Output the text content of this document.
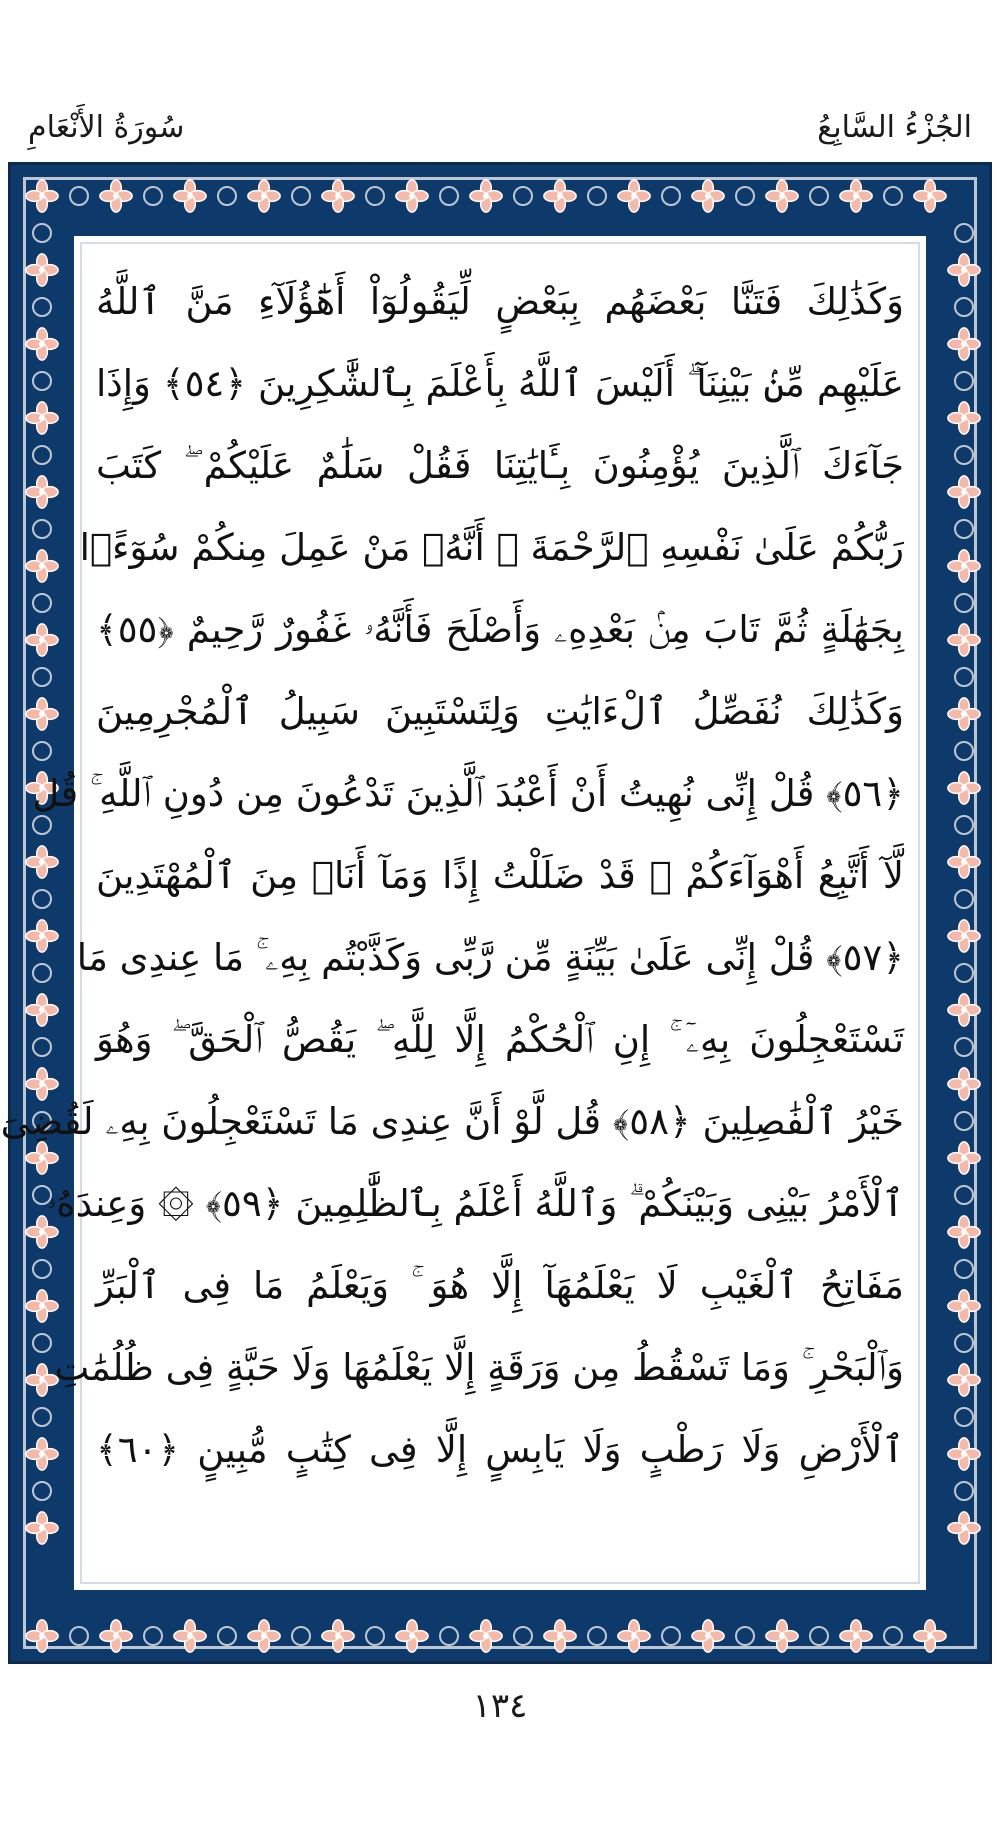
الجُزْءُ السَّابِعُ
سُورَةُ الأَنْعَامِ
وَكَذَٰلِكَ فَتَنَّا بَعْضَهُم بِبَعْضٍ لِّيَقُولُوٓاْ أَهَٰٓؤُلَآءِ مَنَّ ٱللَّهُ
عَلَيْهِم مِّنۢ بَيْنِنَآ ۗ أَلَيْسَ ٱللَّهُ بِأَعْلَمَ بِٱلشَّٰكِرِينَ ﴿٥٤﴾ وَإِذَا
جَآءَكَ ٱلَّذِينَ يُؤْمِنُونَ بِـَٔايَٰتِنَا فَقُلْ سَلَٰمٌ عَلَيْكُمْ ۖ كَتَبَ
رَبُّكُمْ عَلَىٰ نَفْسِهِ ٱلرَّحْمَةَ ۖ أَنَّهُۥ مَنْ عَمِلَ مِنكُمْ سُوٓءًۢا
بِجَهَٰلَةٍ ثُمَّ تَابَ مِنۢ بَعْدِهِۦ وَأَصْلَحَ فَأَنَّهُۥ غَفُورٌ رَّحِيمٌ ﴿٥٥﴾
وَكَذَٰلِكَ نُفَصِّلُ ٱلْءَايَٰتِ وَلِتَسْتَبِينَ سَبِيلُ ٱلْمُجْرِمِينَ
﴿٥٦﴾ قُلْ إِنِّى نُهِيتُ أَنْ أَعْبُدَ ٱلَّذِينَ تَدْعُونَ مِن دُونِ ٱللَّهِ ۚ قُل
لَّآ أَتَّبِعُ أَهْوَآءَكُمْ ۙ قَدْ ضَلَلْتُ إِذًا وَمَآ أَنَا۠ مِنَ ٱلْمُهْتَدِينَ
﴿٥٧﴾ قُلْ إِنِّى عَلَىٰ بَيِّنَةٍ مِّن رَّبِّى وَكَذَّبْتُم بِهِۦ ۚ مَا عِندِى مَا
تَسْتَعْجِلُونَ بِهِۦٓ ۚ إِنِ ٱلْحُكْمُ إِلَّا لِلَّهِ ۖ يَقُصُّ ٱلْحَقَّ ۖ وَهُوَ
خَيْرُ ٱلْفَٰصِلِينَ ﴿٥٨﴾ قُل لَّوْ أَنَّ عِندِى مَا تَسْتَعْجِلُونَ بِهِۦ لَقُضِىَ
ٱلْأَمْرُ بَيْنِى وَبَيْنَكُمْ ۗ وَٱللَّهُ أَعْلَمُ بِٱلظَّٰلِمِينَ ﴿٥٩﴾ ۞ وَعِندَهُۥ
مَفَاتِحُ ٱلْغَيْبِ لَا يَعْلَمُهَآ إِلَّا هُوَ ۚ وَيَعْلَمُ مَا فِى ٱلْبَرِّ
وَٱلْبَحْرِ ۚ وَمَا تَسْقُطُ مِن وَرَقَةٍ إِلَّا يَعْلَمُهَا وَلَا حَبَّةٍ فِى ظُلُمَٰتِ
ٱلْأَرْضِ وَلَا رَطْبٍ وَلَا يَابِسٍ إِلَّا فِى كِتَٰبٍ مُّبِينٍ ﴿٦٠﴾
١٣٤
